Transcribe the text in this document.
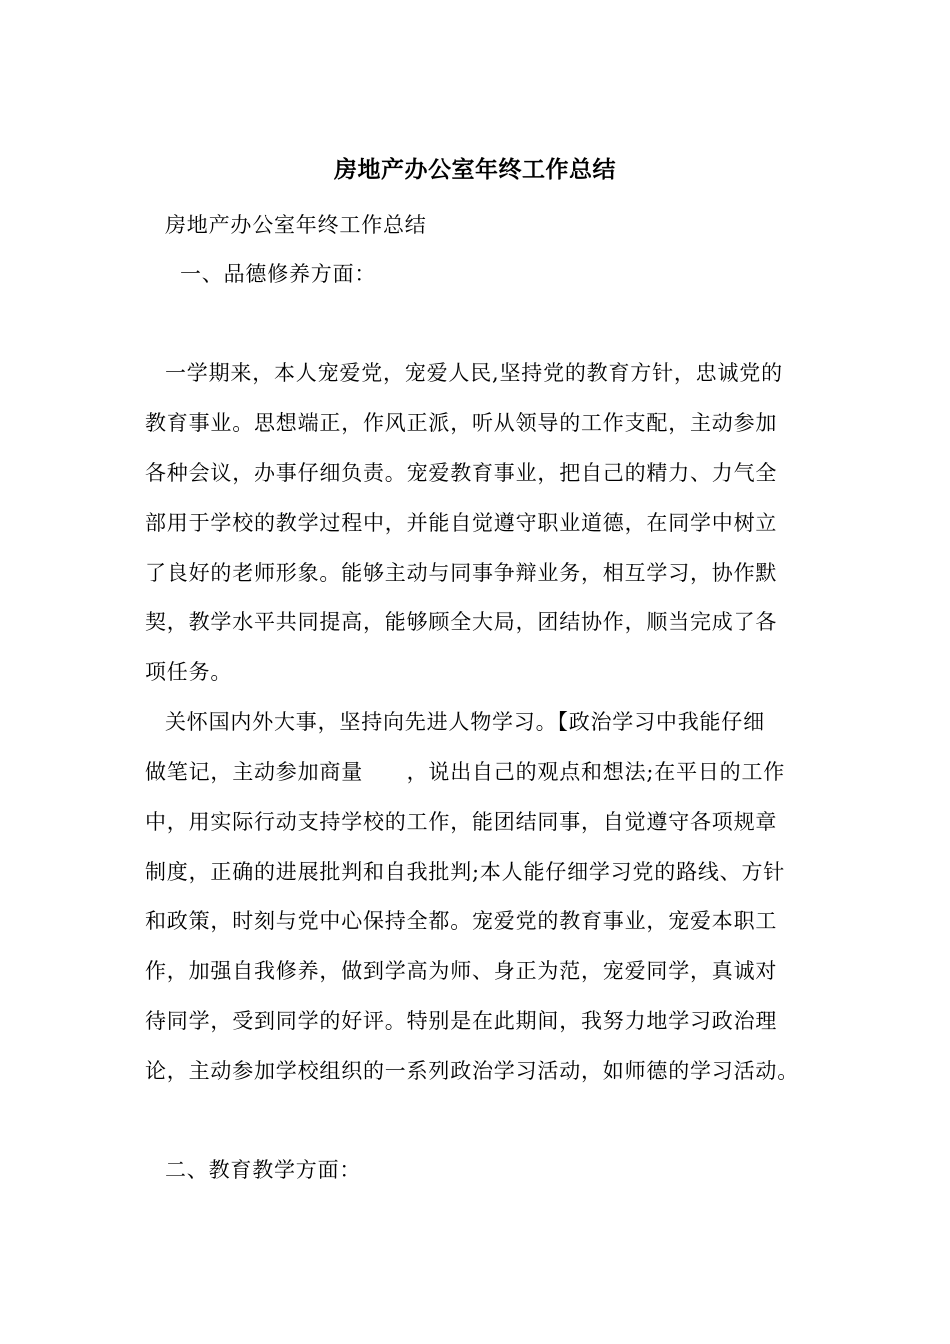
房地产办公室年终工作总结
房地产办公室年终工作总结
一、品德修养方面：
一学期来，本人宠爱党，宠爱人民,坚持党的教育方针，忠诚党的
教育事业。思想端正，作风正派，听从领导的工作支配，主动参加
各种会议，办事仔细负责。宠爱教育事业，把自己的精力、力气全
部用于学校的教学过程中，并能自觉遵守职业道德，在同学中树立
了良好的老师形象。能够主动与同事争辩业务，相互学习，协作默
契，教学水平共同提高，能够顾全大局，团结协作，顺当完成了各
项任务。
关怀国内外大事，坚持向先进人物学习。【政治学习中我能仔细
做笔记，主动参加商量　　，说出自己的观点和想法;在平日的工作
中，用实际行动支持学校的工作，能团结同事，自觉遵守各项规章
制度，正确的进展批判和自我批判;本人能仔细学习党的路线、方针
和政策，时刻与党中心保持全都。宠爱党的教育事业，宠爱本职工
作，加强自我修养，做到学高为师、身正为范，宠爱同学，真诚对
待同学，受到同学的好评。特别是在此期间，我努力地学习政治理
论，主动参加学校组织的一系列政治学习活动，如师德的学习活动。
二、教育教学方面：
